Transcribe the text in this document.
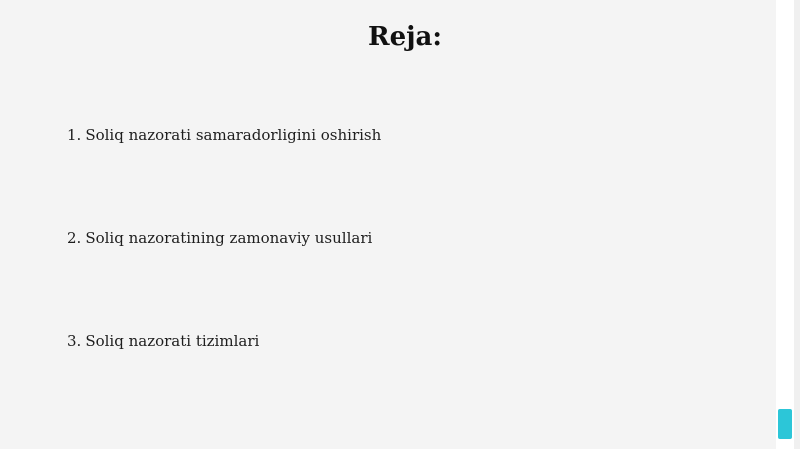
Reja:
1. Soliq nazorati samaradorligini oshirish
2. Soliq nazoratining zamonaviy usullari
3. Soliq nazorati tizimlari
